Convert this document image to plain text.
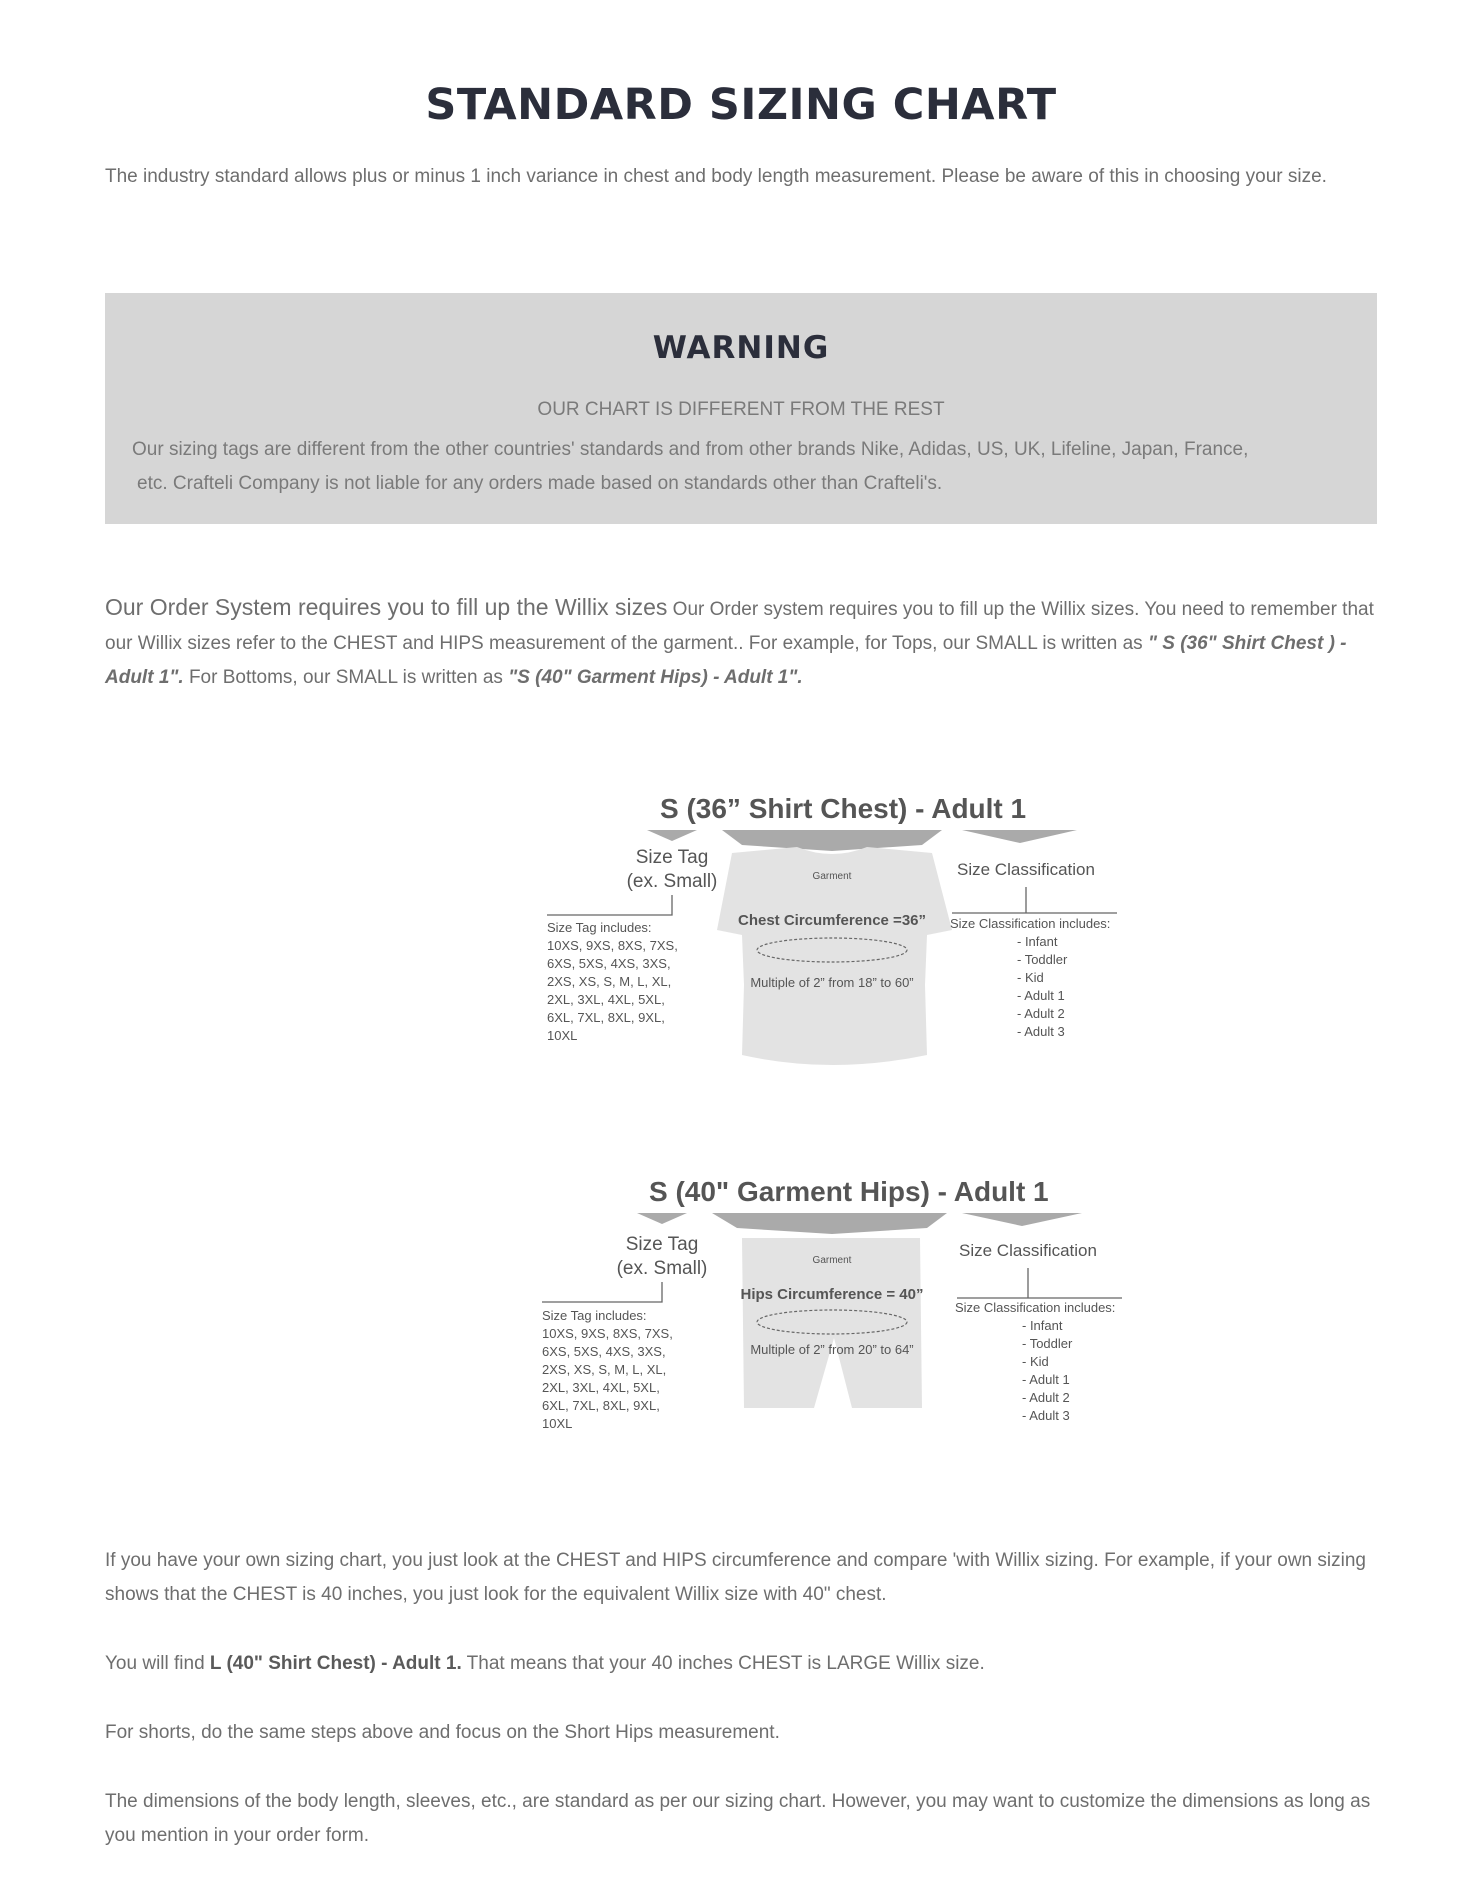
STANDARD SIZING CHART

The industry standard allows plus or minus 1 inch variance in chest and body length measurement. Please be aware of this in choosing your size.

WARNING

OUR CHART IS DIFFERENT FROM THE REST

Our sizing tags are different from the other countries' standards and from other brands Nike, Adidas, US, UK, Lifeline, Japan, France,
etc. Crafteli Company is not liable for any orders made based on standards other than Crafteli's.

Our Order System requires you to fill up the Willix sizes Our Order system requires you to fill up the Willix sizes. You need to remember that our Willix sizes refer to the CHEST and HIPS measurement of the garment.. For example, for Tops, our SMALL is written as " S (36" Shirt Chest ) - Adult 1". For Bottoms, our SMALL is written as "S (40" Garment Hips) - Adult 1".

S (36” Shirt Chest) - Adult 1
Size Tag
(ex. Small)	Garment
Chest Circumference =36”
Multiple of 2” from 18” to 60”
Size Classification
Size Tag includes:
10XS, 9XS, 8XS, 7XS,
6XS, 5XS, 4XS, 3XS,
2XS, XS, S, M, L, XL,
2XL, 3XL, 4XL, 5XL,
6XL, 7XL, 8XL, 9XL,
10XL
Size Classification includes:
- Infant
- Toddler
- Kid
- Adult 1
- Adult 2
- Adult 3
S (40" Garment Hips) - Adult 1
Size Tag
(ex. Small)	Garment
Hips Circumference = 40”
Multiple of 2” from 20” to 64”
Size Classification
Size Tag includes:
10XS, 9XS, 8XS, 7XS,
6XS, 5XS, 4XS, 3XS,
2XS, XS, S, M, L, XL,
2XL, 3XL, 4XL, 5XL,
6XL, 7XL, 8XL, 9XL,
10XL
Size Classification includes:
- Infant
- Toddler
- Kid
- Adult 1
- Adult 2
- Adult 3

If you have your own sizing chart, you just look at the CHEST and HIPS circumference and compare 'with Willix sizing. For example, if your own sizing shows that the CHEST is 40 inches, you just look for the equivalent Willix size with 40" chest.

You will find L (40" Shirt Chest) - Adult 1. That means that your 40 inches CHEST is LARGE Willix size.

For shorts, do the same steps above and focus on the Short Hips measurement.

The dimensions of the body length, sleeves, etc., are standard as per our sizing chart. However, you may want to customize the dimensions as long as you mention in your order form.
